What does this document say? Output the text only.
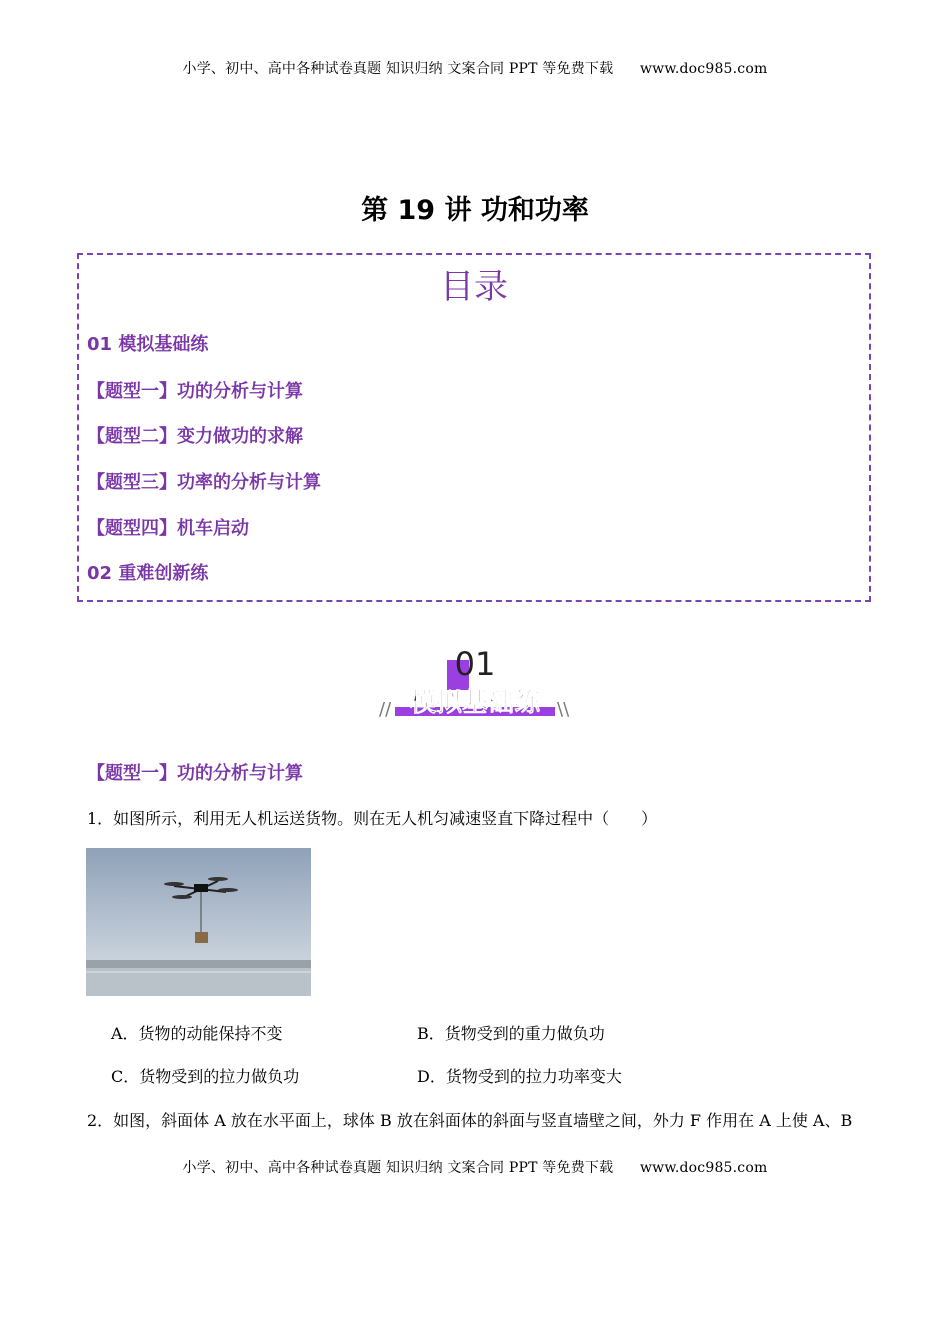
小学、初中、高中各种试卷真题 知识归纳 文案合同 PPT 等免费下载 www.doc985.com
第 19 讲 功和功率
目录
01 模拟基础练
【题型一】功的分析与计算
【题型二】变力做功的求解
【题型三】功率的分析与计算
【题型四】机车启动
02 重难创新练
01
模拟基础练
//	\\
【题型一】功的分析与计算
1．如图所示，利用无人机运送货物。则在无人机匀减速竖直下降过程中（　　）
A．货物的动能保持不变	B．货物受到的重力做负功
C．货物受到的拉力做负功	D．货物受到的拉力功率变大
2．如图，斜面体 A 放在水平面上，球体 B 放在斜面体的斜面与竖直墙壁之间，外力 F 作用在 A 上使 A、B
小学、初中、高中各种试卷真题 知识归纳 文案合同 PPT 等免费下载 www.doc985.com
